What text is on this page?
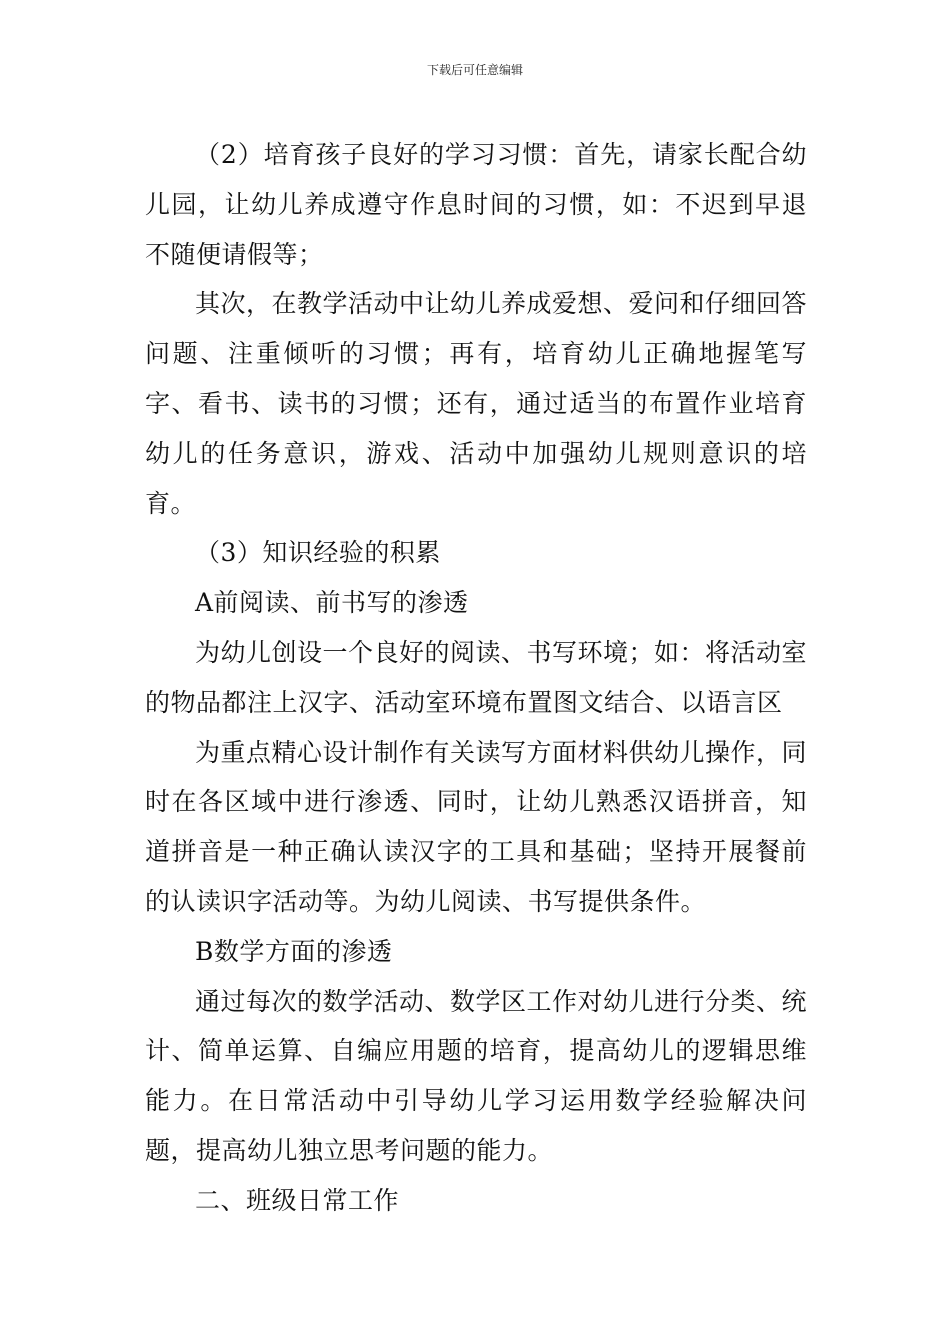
下载后可任意编辑

（2）培育孩子良好的学习习惯：首先，请家长配合幼儿园，让幼儿养成遵守作息时间的习惯，如：不迟到早退不随便请假等；

其次，在教学活动中让幼儿养成爱想、爱问和仔细回答问题、注重倾听的习惯；再有，培育幼儿正确地握笔写字、看书、读书的习惯；还有，通过适当的布置作业培育幼儿的任务意识，游戏、活动中加强幼儿规则意识的培育。

（3）知识经验的积累

A前阅读、前书写的渗透

为幼儿创设一个良好的阅读、书写环境；如：将活动室的物品都注上汉字、活动室环境布置图文结合、以语言区

为重点精心设计制作有关读写方面材料供幼儿操作，同时在各区域中进行渗透、同时，让幼儿熟悉汉语拼音，知道拼音是一种正确认读汉字的工具和基础；坚持开展餐前的认读识字活动等。为幼儿阅读、书写提供条件。

B数学方面的渗透

通过每次的数学活动、数学区工作对幼儿进行分类、统计、简单运算、自编应用题的培育，提高幼儿的逻辑思维能力。在日常活动中引导幼儿学习运用数学经验解决问题，提高幼儿独立思考问题的能力。

二、班级日常工作
